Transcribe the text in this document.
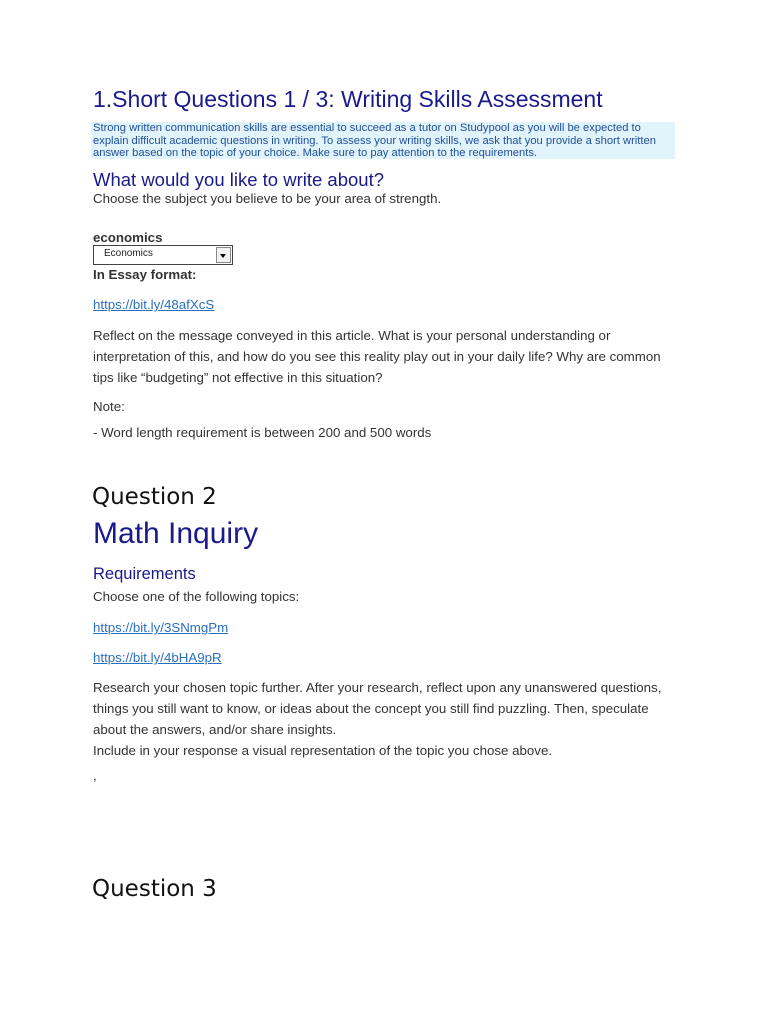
1.Short Questions 1 / 3: Writing Skills Assessment
Strong written communication skills are essential to succeed as a tutor on Studypool as you will be expected to explain difficult academic questions in writing. To assess your writing skills, we ask that you provide a short written answer based on the topic of your choice. Make sure to pay attention to the requirements.
What would you like to write about?
Choose the subject you believe to be your area of strength.
economics
Economics
In Essay format:
https://bit.ly/48afXcS
Reflect on the message conveyed in this article. What is your personal understanding or interpretation of this, and how do you see this reality play out in your daily life? Why are common tips like “budgeting” not effective in this situation?
Note:
- Word length requirement is between 200 and 500 words
Question 2
Math Inquiry
Requirements
Choose one of the following topics:
https://bit.ly/3SNmgPm
https://bit.ly/4bHA9pR
Research your chosen topic further. After your research, reflect upon any unanswered questions, things you still want to know, or ideas about the concept you still find puzzling. Then, speculate about the answers, and/or share insights.
Include in your response a visual representation of the topic you chose above.
,
Question 3
